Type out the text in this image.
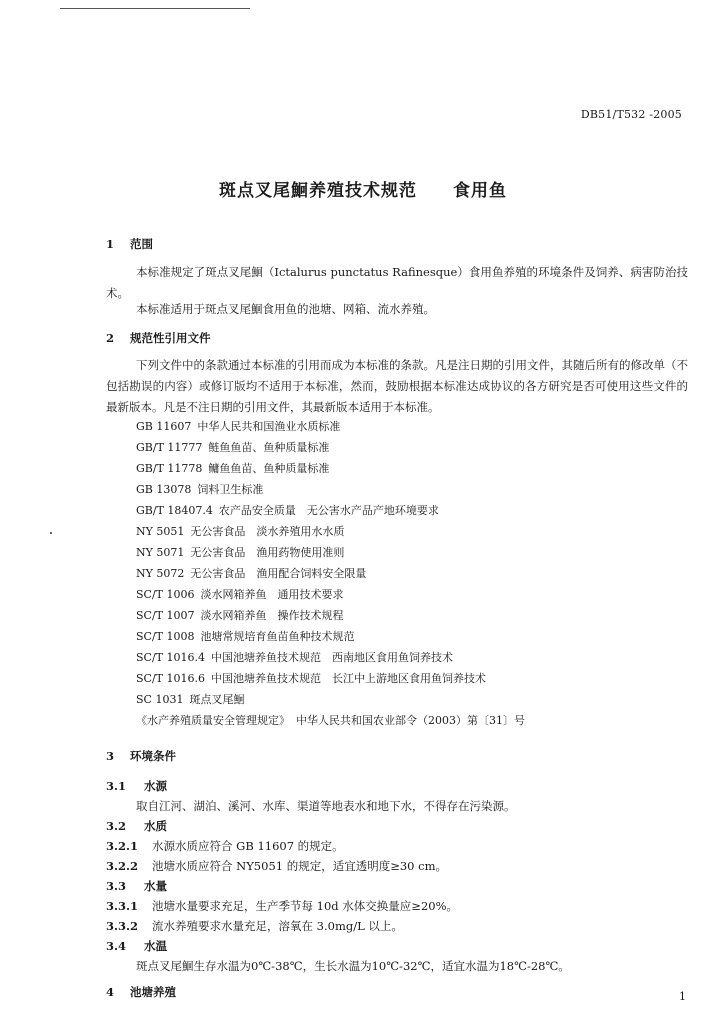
DB51/T532 -2005
斑点叉尾鮰养殖技术规范 食用鱼
1 范围
本标准规定了斑点叉尾鮰（Ictalurus punctatus Rafinesque）食用鱼养殖的环境条件及饲养、病害防治技术。
本标准适用于斑点叉尾鮰食用鱼的池塘、网箱、流水养殖。
2 规范性引用文件
下列文件中的条款通过本标准的引用而成为本标准的条款。凡是注日期的引用文件，其随后所有的修改单（不包括勘误的内容）或修订版均不适用于本标准，然而，鼓励根据本标准达成协议的各方研究是否可使用这些文件的最新版本。凡是不注日期的引用文件，其最新版本适用于本标准。
GB 11607 中华人民共和国渔业水质标准
GB/T 11777 鲢鱼鱼苗、鱼种质量标准
GB/T 11778 鳙鱼鱼苗、鱼种质量标准
GB 13078 饲料卫生标准
GB/T 18407.4 农产品安全质量　无公害水产品产地环境要求
NY 5051 无公害食品　淡水养殖用水水质
NY 5071 无公害食品　渔用药物使用准则
NY 5072 无公害食品　渔用配合饲料安全限量
SC/T 1006 淡水网箱养鱼　通用技术要求
SC/T 1007 淡水网箱养鱼　操作技术规程
SC/T 1008 池塘常规培育鱼苗鱼种技术规范
SC/T 1016.4 中国池塘养鱼技术规范　西南地区食用鱼饲养技术
SC/T 1016.6 中国池塘养鱼技术规范　长江中上游地区食用鱼饲养技术
SC 1031 斑点叉尾鮰
《水产养殖质量安全管理规定》 中华人民共和国农业部令（2003）第〔31〕号
3 环境条件
3.1 水源
取自江河、湖泊、溪河、水库、渠道等地表水和地下水，不得存在污染源。
3.2 水质
3.2.1 水源水质应符合 GB 11607 的规定。
3.2.2 池塘水质应符合 NY5051 的规定，适宜透明度≥30 cm。
3.3 水量
3.3.1 池塘水量要求充足，生产季节每 10d 水体交换量应≥20%。
3.3.2 流水养殖要求水量充足，溶氧在 3.0mg/L 以上。
3.4 水温
斑点叉尾鮰生存水温为0℃-38℃，生长水温为10℃-32℃，适宜水温为18℃-28℃。
4 池塘养殖	1
